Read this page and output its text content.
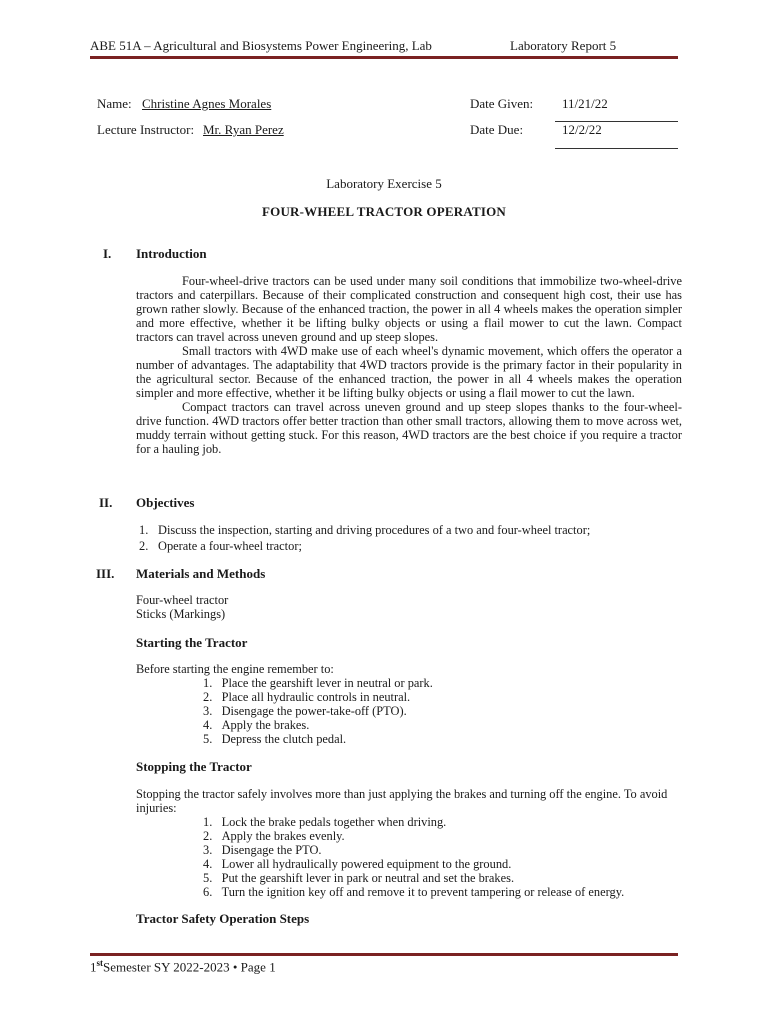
ABE 51A – Agricultural and Biosystems Power Engineering, Lab	Laboratory Report 5
Name: Christine Agnes Morales	Date Given: 11/21/22
Lecture Instructor: Mr. Ryan Perez	Date Due:	12/2/22
Laboratory Exercise 5
FOUR-WHEEL TRACTOR OPERATION
I. Introduction

Four-wheel-drive tractors can be used under many soil conditions that immobilize two-wheel-drive tractors and caterpillars. Because of their complicated construction and consequent high cost, their use has grown rather slowly. Because of the enhanced traction, the power in all 4 wheels makes the operation simpler and more effective, whether it be lifting bulky objects or using a flail mower to cut the lawn. Compact tractors can travel across uneven ground and up steep slopes.

Small tractors with 4WD make use of each wheel's dynamic movement, which offers the operator a number of advantages. The adaptability that 4WD tractors provide is the primary factor in their popularity in the agricultural sector. Because of the enhanced traction, the power in all 4 wheels makes the operation simpler and more effective, whether it be lifting bulky objects or using a flail mower to cut the lawn.

Compact tractors can travel across uneven ground and up steep slopes thanks to the four-wheel-drive function. 4WD tractors offer better traction than other small tractors, allowing them to move across wet, muddy terrain without getting stuck. For this reason, 4WD tractors are the best choice if you require a tractor for a hauling job.

II. Objectives
1. Discuss the inspection, starting and driving procedures of a two and four-wheel tractor;
2. Operate a four-wheel tractor;
III. Materials and Methods
Four-wheel tractor
Sticks (Markings)
Starting the Tractor
Before starting the engine remember to:
1. Place the gearshift lever in neutral or park.
2. Place all hydraulic controls in neutral.
3. Disengage the power-take-off (PTO).
4. Apply the brakes.
5. Depress the clutch pedal.
Stopping the Tractor
Stopping the tractor safely involves more than just applying the brakes and turning off the engine. To avoid injuries:
1. Lock the brake pedals together when driving.
2. Apply the brakes evenly.
3. Disengage the PTO.
4. Lower all hydraulically powered equipment to the ground.
5. Put the gearshift lever in park or neutral and set the brakes.
6. Turn the ignition key off and remove it to prevent tampering or release of energy.
Tractor Safety Operation Steps
1stSemester SY 2022-2023 • Page 1
